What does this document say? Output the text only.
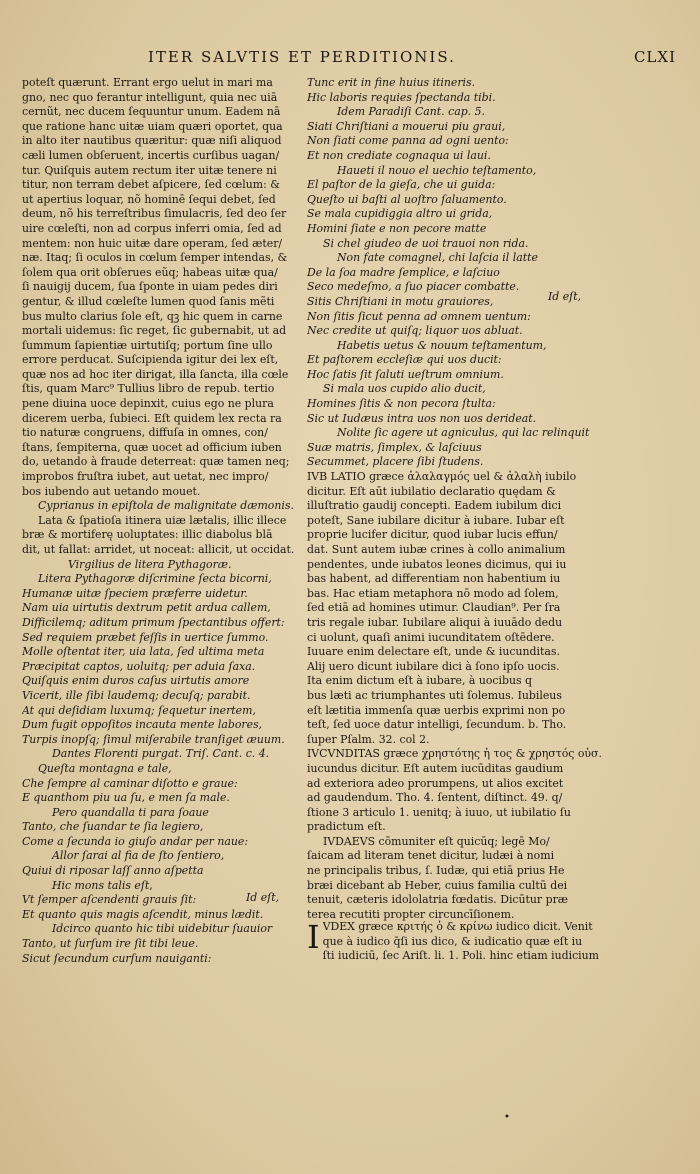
ITER SALVTIS ET PERDITIONIS.	CLXI
poteſt quærunt. Errant ergo uelut in mari ma
gno, nec quo ferantur intelligunt, quia nec uiā
cernũt, nec ducem ſequuntur unum. Eadem nā
que ratione hanc uitæ uiam quæri oportet, qua
in alto iter nautibus quæritur: quæ niſi aliquod
cæli lumen obſeruent, incertis curſibus uagan/
tur. Quiſquis autem rectum iter uitæ tenere ni
titur, non terram debet aſpicere, ſed cœlum: &
ut apertius loquar, nõ hominē ſequi debet, ſed
deum, nõ his terreſtribus ſimulacris, ſed deo ſer
uire cœleſti, non ad corpus inferri omia, ſed ad
mentem: non huic uitæ dare operam, ſed æter/
næ. Itaq; ſi oculos in cœlum ſemper intendas, &
ſolem qua orit obſerues eũq; habeas uitæ qua/
ſi nauigij ducem, ſua ſponte in uiam pedes diri
gentur, & illud cœleſte lumen quod ſanis mẽti
bus multo clarius ſole eſt, qꝫ hic quem in carne
mortali uidemus: ſic reget, ſic gubernabit, ut ad
ſummum ſapientiæ uirtutiſq; portum ſine ullo
errore perducat. Suſcipienda igitur dei lex eſt,
quæ nos ad hoc iter dirigat, illa ſancta, illa cœle
ſtis, quam Marc⁹ Tullius libro de repub. tertio
pene diuina uoce depinxit, cuius ego ne plura
dicerem uerba, ſubieci. Eſt quidem lex recta ra
tio naturæ congruens, diffuſa in omnes, con/
ſtans, ſempiterna, quæ uocet ad officium iuben
do, uetando à fraude deterreat: quæ tamen neq;
improbos fruſtra iubet, aut uetat, nec impro/
bos iubendo aut uetando mouet.
Cyprianus in epiſtola de malignitate dæmonis.
Lata & ſpatioſa itinera uiæ lætalis, illic illece
bræ & mortiferę uoluptates: illic diabolus blā
dit, ut fallat: arridet, ut noceat: allicit, ut occidat.
Virgilius de litera Pythagoræ.
Litera Pythagoræ diſcrimine ſecta bicorni,
Humanæ uitæ ſpeciem præferre uidetur.
Nam uia uirtutis dextrum petit ardua callem,
Difficilemq; aditum primum ſpectantibus offert:
Sed requiem præbet feſſis in uertice ſummo.
Molle oſtentat iter, uia lata, ſed ultima meta
Præcipitat captos, uoluitq; per aduia ſaxa.
Quiſquis enim duros caſus uirtutis amore
Vicerit, ille ſibi laudemq; decuſq; parabit.
At qui deſidiam luxumq; ſequetur inertem,
Dum fugit oppoſitos incauta mente labores,
Turpis inopſq; ſimul miſerabile tranſiget æuum.
Dantes Florenti purgat. Triſ. Cant. c. 4.
Queſta montagna e tale,
Che ſempre al caminar diſotto e graue:
E quanthom piu ua ſu, e men ſa male.
Pero quandalla ti para ſoaue
Tanto, che ſuandar te ſia legiero,
Come a ſecunda io giuſo andar per naue:
Allor ſarai al fia de ſto ſentiero,
Quiui di riposar laſſ anno aſpetta
Hic mons talis eſt,
Vt ſemper aſcendenti grauis ſit:
Et quanto quis magis aſcendit, minus lædit.
Idcirco quanto hic tibi uidebitur ſuauior
Tanto, ut ſurſum ire ſit tibi leue.
Sicut ſecundum curſum nauiganti:
Id eſt,
Tunc erit in fine huius itineris.
Hic laboris requies ſpectanda tibi.
Idem Paradiſi Cant. cap. 5.
Siati Chriſtiani a mouerui piu graui,
Non ſiati come panna ad ogni uento:
Et non crediate cognaqua ui laui.
Haueti il nouo el uechio teſtamento,
El paſtor de la gieſa, che ui guida:
Queſto ui baſti al uoſtro ſaluamento.
Se mala cupidiggia altro ui grida,
Homini ſiate e non pecore matte
Si chel giudeo de uoi trauoi non rida.
Non fate comagnel, chi laſcia il latte
De la ſoa madre ſemplice, e laſciuo
Seco medeſmo, a ſuo piacer combatte.
Sitis Chriſtiani in motu grauiores,
Non ſitis ſicut penna ad omnem uentum:
Nec credite ut quiſq; liquor uos abluat.
Habetis uetus & nouum teſtamentum,
Et paſtorem eccleſiæ qui uos ducit:
Hoc ſatis ſit ſaluti ueſtrum omnium.
Si mala uos cupido alio ducit,
Homines ſitis & non pecora ſtulta:
Sic ut Iudæus intra uos non uos derideat.
Nolite ſic agere ut agniculus, qui lac relinquit
Suæ matris, ſimplex, & laſciuus
Secummet, placere ſibi ſtudens.
IVB LATIO græce ἀλαλαγμός uel & ἀλαλὴ iubilo
dicitur. Eſt aūt iubilatio declaratio quędam &
illuſtratio gaudij concepti. Eadem iubilum dici
poteſt, Sane iubilare dicitur à iubare. Iubar eſt
proprie lucifer dicitur, quod iubar lucis effun/
dat. Sunt autem iubæ crines à collo animalium
pendentes, unde iubatos leones dicimus, qui iu
bas habent, ad differentiam non habentium iu
bas. Hac etiam metaphora nō modo ad ſolem,
ſed etiā ad homines utimur. Claudian⁹. Per ſra
tris regale iubar. Iubilare aliqui à iuuādo dedu
ci uolunt, quaſi animi iucunditatem oſtēdere.
Iuuare enim delectare eſt, unde & iucunditas.
Alij uero dicunt iubilare dici à ſono ipſo uocis.
Ita enim dictum eſt à iubare, à uocibus q
bus læti ac triumphantes uti ſolemus. Iubileus
eſt lætitia immenſa quæ uerbis exprimi non po
teſt, ſed uoce datur intelligi, ſecundum. b. Tho.
ſuper Pſalm. 32. col 2.
IVCVNDITAS græce χρηστότης ἡ τος & χρηστός οὐσ.
iucundus dicitur. Eſt autem iucūditas gaudium
ad exteriora adeo prorumpens, ut alios excitet
ad gaudendum. Tho. 4. ſentent, diſtinct. 49. q/
ſtione 3 articulo 1. uenitq; à iuuo, ut iubilatio ſu
pradictum eſt.
IVDAEVS cōmuniter eſt quicūq; legē Mo/
ſaicam ad literam tenet dicitur, ludæi à nomi
ne principalis tribus, ſ. Iudæ, qui etiā prius He
bræi dicebant ab Heber, cuius familia cultū dei
tenuit, cæteris idololatria fœdatis. Dicūtur præ
terea recutiti propter circuncīſionem.
Id eſt,
I VDEX græce κριτής ὁ & κρίνω iudico dicit. Venit
que à iudico q̄ſi ius dico, & iudicatio quæ eſt iu
ſti iudiciū, ſec Ariſt. li. 1. Poli. hinc etiam iudicium
•
